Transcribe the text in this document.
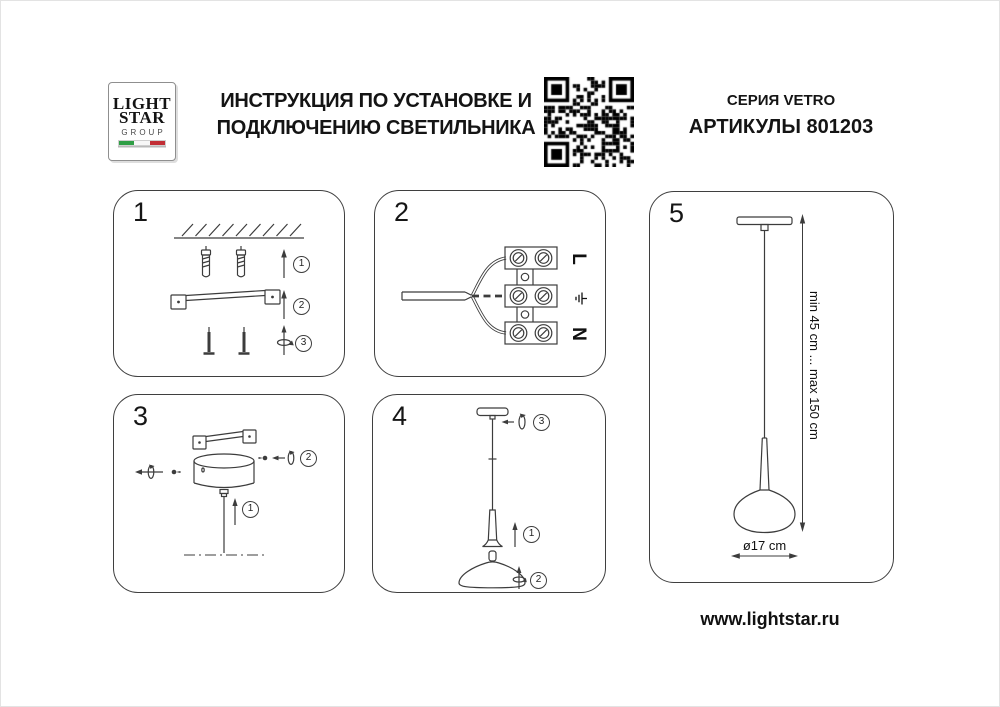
LIGHT
STAR
GROUP
ИНСТРУКЦИЯ ПО УСТАНОВКЕ И
ПОДКЛЮЧЕНИЮ СВЕТИЛЬНИКА
СЕРИЯ VETRO
АРТИКУЛЫ 801203
1
1
2
3
2
L
N
3
1
2
4	3
1
2
5
min 45 cm ... max 150 cm
ø17 cm
www.lightstar.ru
